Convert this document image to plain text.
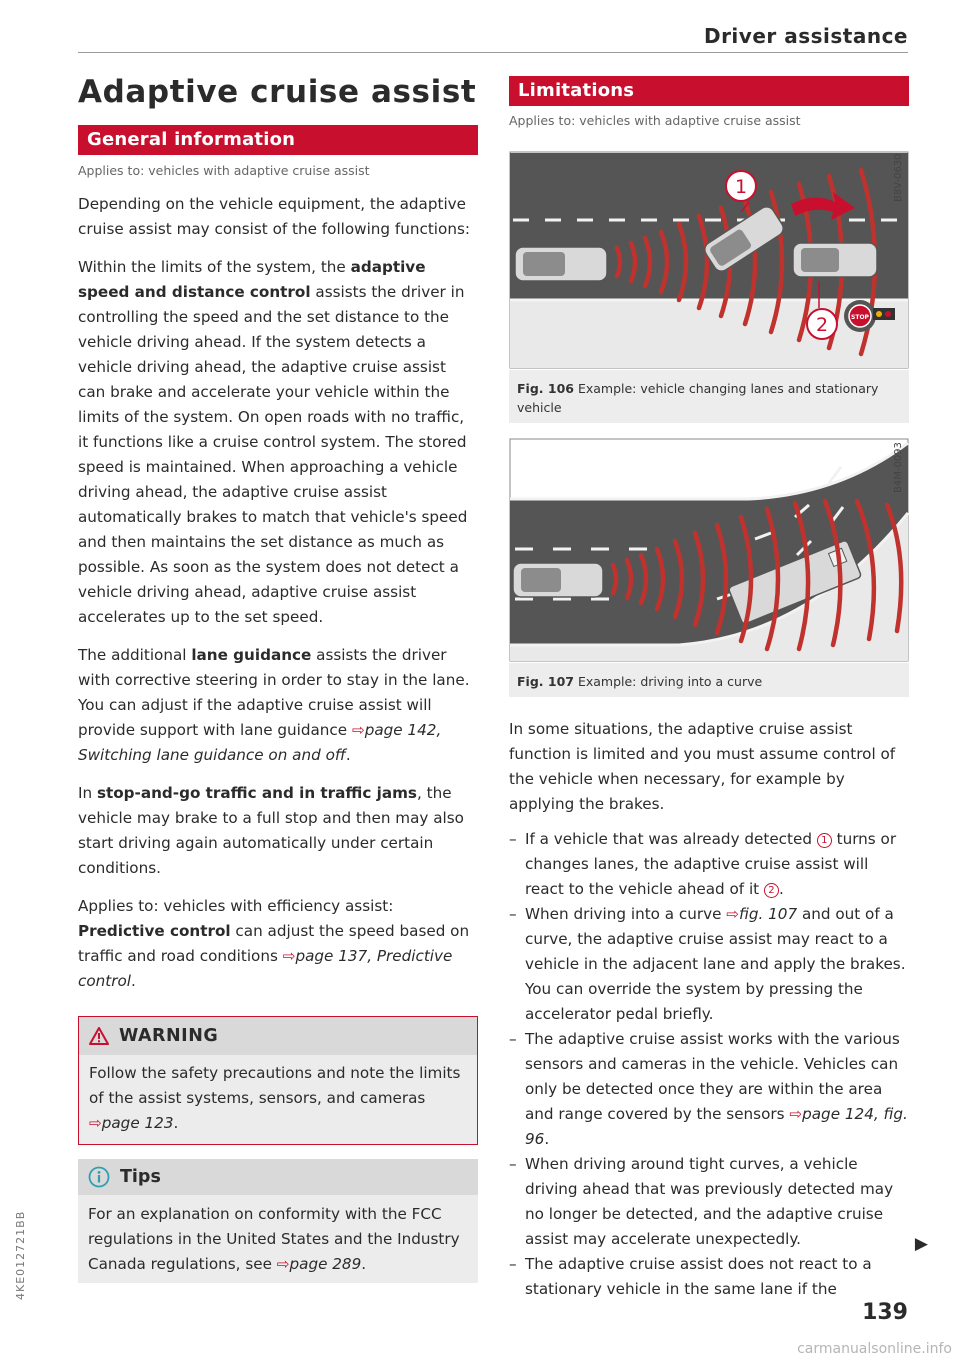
Driver assistance
Adaptive cruise assist
General information
Applies to: vehicles with adaptive cruise assist

Depending on the vehicle equipment, the adaptive cruise assist may consist of the following functions:

Within the limits of the system, the adaptive speed and distance control assists the driver in controlling the speed and the set distance to the vehicle driving ahead. If the system detects a vehicle driving ahead, the adaptive cruise assist can brake and accelerate your vehicle within the limits of the system. On open roads with no traffic, it functions like a cruise control system. The stored speed is maintained. When approaching a vehicle driving ahead, the adaptive cruise assist automatically brakes to match that vehicle's speed and then maintains the set distance as much as possible. As soon as the system does not detect a vehicle driving ahead, adaptive cruise assist accelerates up to the set speed.

The additional lane guidance assists the driver with corrective steering in order to stay in the lane. You can adjust if the adaptive cruise assist will provide support with lane guidance ⇨page 142, Switching lane guidance on and off.

In stop-and-go traffic and in traffic jams, the vehicle may brake to a full stop and then may also start driving again automatically under certain conditions.

Applies to: vehicles with efficiency assist: Predictive control can adjust the speed based on traffic and road conditions ⇨page 137, Predictive control.

WARNING
Follow the safety precautions and note the limits of the assist systems, sensors, and cameras ⇨page 123.
Tips
For an explanation on conformity with the FCC regulations in the United States and the Industry Canada regulations, see ⇨page 289.
Limitations
Applies to: vehicles with adaptive cruise assist
1
2	STOP
B8V-0630
Fig. 106 Example: vehicle changing lanes and stationary vehicle
B4M-0093
Fig. 107 Example: driving into a curve

In some situations, the adaptive cruise assist function is limited and you must assume control of the vehicle when necessary, for example by applying the brakes.

– If a vehicle that was already detected 1 turns or changes lanes, the adaptive cruise assist will react to the vehicle ahead of it 2 .
– When driving into a curve ⇨fig. 107 and out of a curve, the adaptive cruise assist may react to a vehicle in the adjacent lane and apply the brakes. You can override the system by pressing the accelerator pedal briefly.
– The adaptive cruise assist works with the various sensors and cameras in the vehicle. Vehicles can only be detected once they are within the area and range covered by the sensors ⇨page 124, fig. 96.
– When driving around tight curves, a vehicle driving ahead that was previously detected may no longer be detected, and the adaptive cruise assist may accelerate unexpectedly.
– The adaptive cruise assist does not react to a stationary vehicle in the same lane if the
▶
139
4KE012721BB
carmanualsonline.info
